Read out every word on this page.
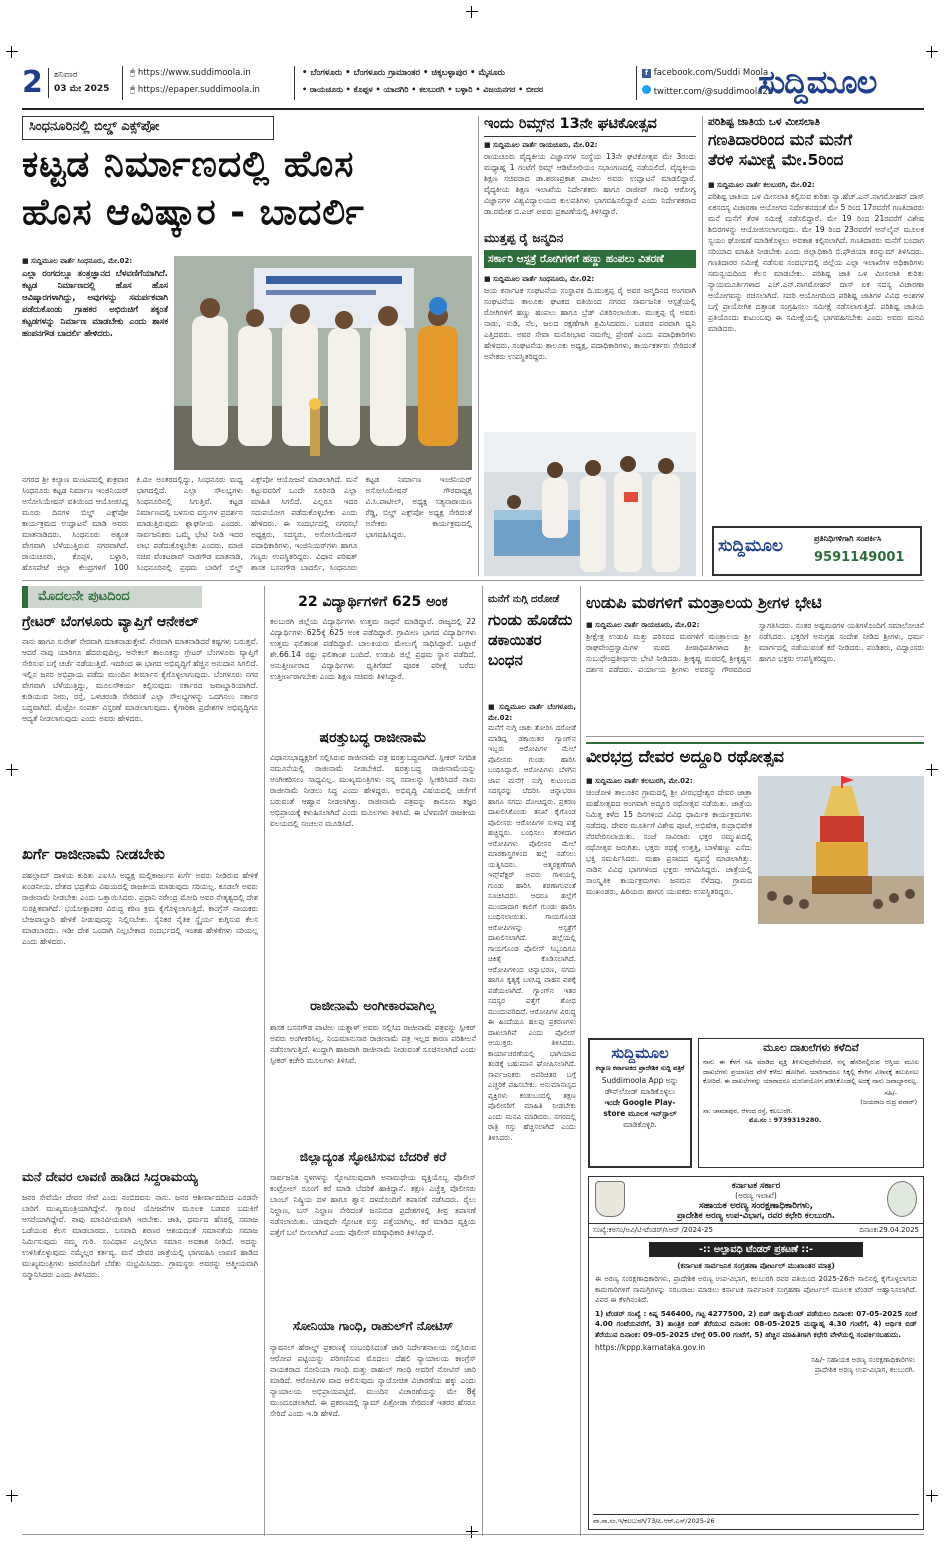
2 ಶನಿವಾರ
03 ಮೇ 2025
🖰 https://www.suddimoola.in
🖰 https://epaper.suddimoola.in
• ಬೆಂಗಳೂರು • ಬೆಂಗಳೂರು ಗ್ರಾಮಾಂತರ • ಚಿಕ್ಕಬಳ್ಳಾಪುರ • ಮೈಸೂರು
• ರಾಯಚೂರು • ಕೊಪ್ಪಳ • ಯಾದಗಿರಿ • ಕಲಬುರಗಿ • ಬಳ್ಳಾರಿ • ವಿಜಯನಗರ • ಬೀದರ
f facebook.com/Suddi Moola
twitter.com/@suddimoola22
ಸುದ್ದಿಮೂಲ
ಸಿಂಧನೂರಿನಲ್ಲಿ ಬಿಲ್ಡ್ ಎಕ್ಸ್‌ಪೋ
ಕಟ್ಟಡ ನಿರ್ಮಾಣದಲ್ಲಿ ಹೊಸ
ಹೊಸ ಆವಿಷ್ಕಾರ - ಬಾದರ್ಲಿ
■ ಸುದ್ದಿಮೂಲ ವಾರ್ತೆ ಸಿಂಧನೂರು, ಮೇ.02:
ಎಲ್ಲಾ ರಂಗದಲ್ಲೂ ತಂತ್ರಜ್ಞಾನದ ಬೆಳವಣಿಗೆಯಾಗಿದೆ. ಕಟ್ಟಡ ನಿರ್ಮಾಣದಲ್ಲಿ ಹೊಸ ಹೊಸ ಆವಿಷ್ಕಾರಗಳಾಗಿದ್ದು, ಅವುಗಳನ್ನು ಸಮರ್ಪಕವಾಗಿ ಪಡೆದುಕೊಂಡು ಗ್ರಾಹಕರ ಅಭಿರುಚಿಗೆ ತಕ್ಕಂತೆ ಕಟ್ಟಡಗಳನ್ನು ನಿರ್ಮಾಣ ಮಾಡಬೇಕು ಎಂದು ಶಾಸಕ ಹಂಪನಗೌಡ ಬಾದರ್ಲಿ ಹೇಳಿದರು.
ನಗರದ ಶ್ರೀ ಕಲ್ಯಾಣ ಮಂಟಪದಲ್ಲಿ ಶುಕ್ರವಾರ ಸಿಂಧನೂರು ಕಟ್ಟಡ ನಿರ್ಮಾಣ ಇಂಜಿನಿಯರ್ ಅಸೋಸಿಯೇಷನ್ ವತಿಯಿಂದ ಆಯೋಜಿಸಿದ್ದ ಮೂರು ದಿನಗಳ ಬಿಲ್ಡ್ ಎಕ್ಸ್‌ಪೋ ಕಾರ್ಯಕ್ರಮದ ಉದ್ಘಾಟನೆ ಮಾಡಿ ಅವರು ಮಾತನಾಡಿದರು. ಸಿಂಧನೂರು ಅತ್ಯಂತ ವೇಗವಾಗಿ ಬೆಳೆಯುತ್ತಿರುವ ನಗರವಾಗಿದೆ. ರಾಯಚೂರು, ಕೊಪ್ಪಳ, ಬಳ್ಳಾರಿ, ಹೊಸಪೇಟೆ ಜಿಲ್ಲಾ ಕೇಂದ್ರಗಳಿಗೆ 100 ಕಿ.ಮೀ ಅಂತರದಲ್ಲಿದ್ದು, ಸಿಂಧನೂರು ಮಧ್ಯ ಭಾಗದಲ್ಲಿದೆ. ಎಲ್ಲಾ ಸೌಲಭ್ಯಗಳು ಸಿಂಧನೂರಿನಲ್ಲಿ ಸಿಗುತ್ತಿವೆ. ಕಟ್ಟಡ ನಿರ್ಮಾಣದಲ್ಲಿ ಬಳಸುವ ವಸ್ತುಗಳ ಪ್ರದರ್ಶನ ಮಾಡುತ್ತಿರುವುದು ಶ್ಲಾಘನೀಯ ಎಂದರು. ಸಾರ್ವಜನಿಕರು ಒಮ್ಮೆ ಭೇಟಿ ನೀಡಿ ಇದರ ಲಾಭ ಪಡೆದುಕೊಳ್ಳಬೇಕು ಎಂದರು. ಮಾಜಿ ಸಚಿವ ವೆಂಕಟರಾವ್ ನಾಡಗೌಡ ಮಾತನಾಡಿ, ಸಿಂಧನೂರಿನಲ್ಲಿ ಪ್ರಥಮ ಬಾರಿಗೆ ಬಿಲ್ಡ್ ಎಕ್ಸ್‌ಪೋ ಆಯೋಜನೆ ಮಾಡಲಾಗಿದೆ. ಮನೆ ಕಟ್ಟುವವರಿಗೆ ಒಂದೇ ಸೂರಿನಡಿ ಎಲ್ಲಾ ಮಾಹಿತಿ ಸಿಗಲಿದೆ. ಎಲ್ಲರೂ ಇದರ ಸದುಪಯೋಗ ಪಡೆದುಕೊಳ್ಳಬೇಕು ಎಂದು ಹೇಳಿದರು. ಈ ಸಂದರ್ಭದಲ್ಲಿ ನಗರಸಭೆ ಅಧ್ಯಕ್ಷರು, ಸದಸ್ಯರು, ಅಸೋಸಿಯೇಷನ್ ಪದಾಧಿಕಾರಿಗಳು, ಇಂಜಿನಿಯರ್‌ಗಳು ಹಾಗೂ ಗಣ್ಯರು ಉಪಸ್ಥಿತರಿದ್ದರು. ವಿಧಾನ ಪರಿಷತ್ ಶಾಸಕ ಬಸನಗೌಡ ಬಾದರ್ಲಿ, ಸಿಂಧನೂರು ಕಟ್ಟಡ ನಿರ್ಮಾಣ ಇಂಜಿನಿಯರ್ ಅಸೋಸಿಯೇಷನ್ ಗೌರವಾಧ್ಯಕ್ಷ ವಿ.ಸಿ.ಪಾಟೀಲ್, ಅಧ್ಯಕ್ಷ ಸತ್ಯನಾರಾಯಣ ರೆಡ್ಡಿ, ಬಿಲ್ಡ್ ಎಕ್ಸ್‌ಪೋ ಅಧ್ಯಕ್ಷ ಸೇರಿದಂತೆ ಅನೇಕರು ಕಾರ್ಯಕ್ರಮದಲ್ಲಿ ಭಾಗವಹಿಸಿದ್ದರು.
ಇಂದು ರಿಮ್ಸ್‌ನ 13ನೇ ಘಟಿಕೋತ್ಸವ
■ ಸುದ್ದಿಮೂಲ ವಾರ್ತೆ ರಾಯಚೂರು, ಮೇ.02:
ರಾಯಚೂರು ವೈದ್ಯಕೀಯ ವಿಜ್ಞಾನಗಳ ಸಂಸ್ಥೆಯ 13ನೇ ಘಟಿಕೋತ್ಸವ ಮೇ 3ರಂದು ಮಧ್ಯಾಹ್ನ 1 ಗಂಟೆಗೆ ರಿಮ್ಸ್ ಆಡಿಟೋರಿಯಂ ಸಭಾಂಗಣದಲ್ಲಿ ನಡೆಯಲಿದೆ. ವೈದ್ಯಕೀಯ ಶಿಕ್ಷಣ ಸಚಿವರಾದ ಡಾ.ಶರಣಪ್ರಕಾಶ ಪಾಟೀಲ ಅವರು ಉದ್ಘಾಟನೆ ಮಾಡಲಿದ್ದಾರೆ. ವೈದ್ಯಕೀಯ ಶಿಕ್ಷಣ ಇಲಾಖೆಯ ನಿರ್ದೇಶಕರು ಹಾಗೂ ರಾಜೀವ್ ಗಾಂಧಿ ಆರೋಗ್ಯ ವಿಜ್ಞಾನಗಳ ವಿಶ್ವವಿದ್ಯಾಲಯದ ಕುಲಪತಿಗಳು ಭಾಗವಹಿಸಲಿದ್ದಾರೆ ಎಂದು ನಿರ್ದೇಶಕರಾದ ಡಾ.ರಮೇಶ ಬಿ.ಎಚ್ ಅವರು ಪ್ರಕಟಣೆಯಲ್ಲಿ ತಿಳಿಸಿದ್ದಾರೆ.
ಮುತ್ತಪ್ಪ ರೈ ಜನ್ಮದಿನ
ಸರ್ಕಾರಿ ಆಸ್ಪತ್ರೆ ರೋಗಿಗಳಿಗೆ ಹಣ್ಣು ಹಂಪಲು ವಿತರಣೆ
■ ಸುದ್ದಿಮೂಲ ವಾರ್ತೆ ಸಿಂಧನೂರು, ಮೇ.02:
ಜಯ ಕರ್ನಾಟಕ ಸಂಘಟನೆಯ ಸಂಸ್ಥಾಪಕ ದಿ.ಮುತ್ತಪ್ಪ ರೈ ಅವರ ಜನ್ಮದಿನದ ಅಂಗವಾಗಿ ಸಂಘಟನೆಯ ತಾಲೂಕು ಘಟಕದ ವತಿಯಿಂದ ನಗರದ ಸಾರ್ವಜನಿಕ ಆಸ್ಪತ್ರೆಯಲ್ಲಿ ರೋಗಿಗಳಿಗೆ ಹಣ್ಣು ಹಂಪಲು ಹಾಗೂ ಬ್ರೆಡ್ ವಿತರಿಸಲಾಯಿತು. ಮುತ್ತಪ್ಪ ರೈ ಅವರು ನಾಡು, ನುಡಿ, ನೆಲ, ಜಲದ ರಕ್ಷಣೆಗಾಗಿ ಶ್ರಮಿಸಿದವರು. ಬಡವರ ಪರವಾಗಿ ಧ್ವನಿ ಎತ್ತಿದವರು. ಅವರ ಸೇವಾ ಮನೋಭಾವ ನಮಗೆಲ್ಲ ಪ್ರೇರಣೆ ಎಂದು ಪದಾಧಿಕಾರಿಗಳು ಹೇಳಿದರು. ಸಂಘಟನೆಯ ತಾಲೂಕು ಅಧ್ಯಕ್ಷ, ಪದಾಧಿಕಾರಿಗಳು, ಕಾರ್ಯಕರ್ತರು ಸೇರಿದಂತೆ ಅನೇಕರು ಉಪಸ್ಥಿತರಿದ್ದರು.
ಪರಿಶಿಷ್ಟ ಜಾತಿಯ ಒಳ ಮೀಸಲಾತಿ
ಗಣತಿದಾರರಿಂದ ಮನೆ ಮನೆಗೆ
ತೆರಳಿ ಸಮೀಕ್ಷೆ ಮೇ.5ರಿಂದ
■ ಸುದ್ದಿಮೂಲ ವಾರ್ತೆ ಕಲಬುರಗಿ, ಮೇ.02:
ಪರಿಶಿಷ್ಟ ಜಾತಿಯ ಒಳ ಮೀಸಲಾತಿ ಕಲ್ಪಿಸುವ ಕುರಿತು ನ್ಯಾ.ಹೆಚ್.ಎನ್.ನಾಗಮೋಹನ್ ದಾಸ್ ಏಕಸದಸ್ಯ ವಿಚಾರಣಾ ಆಯೋಗದ ನಿರ್ದೇಶನದಂತೆ ಮೇ 5 ರಿಂದ 17ರವರೆಗೆ ಗಣತಿದಾರರು ಮನೆ ಮನೆಗೆ ತೆರಳಿ ಸಮೀಕ್ಷೆ ನಡೆಸಲಿದ್ದಾರೆ. ಮೇ 19 ರಿಂದ 21ರವರೆಗೆ ವಿಶೇಷ ಶಿಬಿರಗಳನ್ನು ಆಯೋಜಿಸಲಾಗುವುದು. ಮೇ 19 ರಿಂದ 23ರವರೆಗೆ ಆನ್‌ಲೈನ್ ಮೂಲಕ ಸ್ವಯಂ ಘೋಷಣೆ ಮಾಡಿಕೊಳ್ಳಲು ಅವಕಾಶ ಕಲ್ಪಿಸಲಾಗಿದೆ. ಗಣತಿದಾರರು ಮನೆಗೆ ಬಂದಾಗ ಸರಿಯಾದ ಮಾಹಿತಿ ನೀಡಬೇಕು ಎಂದು ಜಿಲ್ಲಾಧಿಕಾರಿ ಬಿ.ಫೌಜಿಯಾ ತರನ್ನುಮ್ ತಿಳಿಸಿದರು. ಗಣತಿದಾರರ ಸಮೀಕ್ಷೆ ನಡೆಸುವ ಸಂದರ್ಭದಲ್ಲಿ ಜಿಲ್ಲೆಯ ಎಲ್ಲಾ ಇಲಾಖೆಗಳ ಅಧಿಕಾರಿಗಳು ಸಮನ್ವಯದಿಂದ ಕೆಲಸ ಮಾಡಬೇಕು. ಪರಿಶಿಷ್ಟ ಜಾತಿ ಒಳ ಮೀಸಲಾತಿ ಕುರಿತು ನ್ಯಾಯಮೂರ್ತಿಗಳಾದ ಎಚ್.ಎನ್.ನಾಗಮೋಹನ್ ದಾಸ್ ಏಕ ಸದಸ್ಯ ವಿಚಾರಣಾ ಆಯೋಗವನ್ನು ರಚಿಸಲಾಗಿದೆ. ಸದರಿ ಆಯೋಗದಿಂದ ಪರಿಶಿಷ್ಟ ಜಾತಿಗಳ ವಿವಿಧ ಅಂಶಗಳ ಬಗ್ಗೆ ಪ್ರಾಯೋಗಿಕ ದತ್ತಾಂಶ ಸಂಗ್ರಹಿಸಲು ಸಮೀಕ್ಷೆ ನಡೆಸಲಾಗುತ್ತಿದೆ. ಪರಿಶಿಷ್ಟ ಜಾತಿಯ ಪ್ರತಿಯೊಂದು ಕುಟುಂಬವು ಈ ಸಮೀಕ್ಷೆಯಲ್ಲಿ ಭಾಗವಹಿಸಬೇಕು ಎಂದು ಅವರು ಮನವಿ ಮಾಡಿದರು.
ಸುದ್ದಿಮೂಲ	ಪ್ರತಿನಿಧಿಗಳಿಗಾಗಿ ಸಂಪರ್ಕಿಸಿ
9591149001
ಮೊದಲನೇ ಪುಟದಿಂದ
ಗ್ರೇಟರ್ ಬೆಂಗಳೂರು ವ್ಯಾಪ್ತಿಗೆ ಆನೇಕಲ್
ನಾನು ಹಾಗೂ ಸುರೇಶ್ ನೇರವಾಗಿ ಮಾತನಾಡುತ್ತೇವೆ. ನೇರವಾಗಿ ಮಾತನಾಡಿದರೆ ಕಷ್ಟಗಳು ಬರುತ್ತವೆ. ಆದರೆ ನಾವು ಯಾರಿಗೂ ಹೆದರುವುದಿಲ್ಲ. ಆನೇಕಲ್ ತಾಲೂಕನ್ನು ಗ್ರೇಟರ್ ಬೆಂಗಳೂರು ವ್ಯಾಪ್ತಿಗೆ ಸೇರಿಸುವ ಬಗ್ಗೆ ಚರ್ಚೆ ನಡೆಯುತ್ತಿದೆ. ಇದರಿಂದ ಈ ಭಾಗದ ಅಭಿವೃದ್ಧಿಗೆ ಹೆಚ್ಚಿನ ಅನುದಾನ ಸಿಗಲಿದೆ. ಇಲ್ಲಿನ ಜನರ ಅಭಿಪ್ರಾಯ ಪಡೆದು ಮುಂದಿನ ತೀರ್ಮಾನ ಕೈಗೊಳ್ಳಲಾಗುವುದು. ಬೆಂಗಳೂರು ನಗರ ವೇಗವಾಗಿ ಬೆಳೆಯುತ್ತಿದ್ದು, ಮೂಲಸೌಕರ್ಯ ಕಲ್ಪಿಸುವುದು ಸರ್ಕಾರದ ಜವಾಬ್ದಾರಿಯಾಗಿದೆ. ಕುಡಿಯುವ ನೀರು, ರಸ್ತೆ, ಒಳಚರಂಡಿ ಸೇರಿದಂತೆ ಎಲ್ಲಾ ಸೌಲಭ್ಯಗಳನ್ನು ಒದಗಿಸಲು ಸರ್ಕಾರ ಬದ್ಧವಾಗಿದೆ. ಮೆಟ್ರೋ ಸಂಪರ್ಕ ವಿಸ್ತರಣೆ ಮಾಡಲಾಗುವುದು. ಕೈಗಾರಿಕಾ ಪ್ರದೇಶಗಳ ಅಭಿವೃದ್ಧಿಗೂ ಆದ್ಯತೆ ನೀಡಲಾಗುವುದು ಎಂದು ಅವರು ಹೇಳಿದರು.
ಖರ್ಗೆ ರಾಜೀನಾಮೆ ನೀಡಬೇಕು
ಪಹಲ್ಗಾಮ್ ದಾಳಿಯ ಕುರಿತು ಎಐಸಿಸಿ ಅಧ್ಯಕ್ಷ ಮಲ್ಲಿಕಾರ್ಜುನ ಖರ್ಗೆ ಅವರು ನೀಡಿರುವ ಹೇಳಿಕೆ ಖಂಡನೀಯ. ದೇಶದ ಭದ್ರತೆಯ ವಿಷಯದಲ್ಲಿ ರಾಜಕೀಯ ಮಾಡುವುದು ಸರಿಯಲ್ಲ. ಕೂಡಲೇ ಅವರು ರಾಜೀನಾಮೆ ನೀಡಬೇಕು ಎಂದು ಒತ್ತಾಯಿಸಿದರು. ಪ್ರಧಾನಿ ನರೇಂದ್ರ ಮೋದಿ ಅವರ ನೇತೃತ್ವದಲ್ಲಿ ದೇಶ ಸುರಕ್ಷಿತವಾಗಿದೆ. ಭಯೋತ್ಪಾದಕರ ವಿರುದ್ಧ ಕಠಿಣ ಕ್ರಮ ಕೈಗೊಳ್ಳಲಾಗುತ್ತಿದೆ. ಕಾಂಗ್ರೆಸ್ ನಾಯಕರು ಬೇಜವಾಬ್ದಾರಿ ಹೇಳಿಕೆ ನೀಡುವುದನ್ನು ನಿಲ್ಲಿಸಬೇಕು. ಸೈನಿಕರ ನೈತಿಕ ಸ್ಥೈರ್ಯ ಕುಗ್ಗಿಸುವ ಕೆಲಸ ಮಾಡಬಾರದು. ಇಡೀ ದೇಶ ಒಂದಾಗಿ ನಿಲ್ಲಬೇಕಾದ ಸಂದರ್ಭದಲ್ಲಿ ಇಂತಹ ಹೇಳಿಕೆಗಳು ಸರಿಯಲ್ಲ ಎಂದು ಹೇಳಿದರು.
ಮನೆ ದೇವರ ಲಾವಣಿ ಹಾಡಿದ ಸಿದ್ದರಾಮಯ್ಯ
ಜನರ ಸೇವೆಯೇ ದೇವರ ಸೇವೆ ಎಂದು ನಂಬಿದವನು ನಾನು. ಜನರ ಆಶೀರ್ವಾದದಿಂದ ಎರಡನೇ ಬಾರಿಗೆ ಮುಖ್ಯಮಂತ್ರಿಯಾಗಿದ್ದೇನೆ. ಗ್ಯಾರಂಟಿ ಯೋಜನೆಗಳ ಮೂಲಕ ಬಡವರ ಬದುಕಿಗೆ ಆಸರೆಯಾಗಿದ್ದೇವೆ. ನಾವು ಮಾನವೀಯವಾಗಿ ಇರಬೇಕು. ಜಾತಿ, ಧರ್ಮದ ಹೆಸರಲ್ಲಿ ಸಮಾಜ ಒಡೆಯುವ ಕೆಲಸ ಮಾಡಬಾರದು. ಬಸವಾದಿ ಶರಣರ ಆಶಯದಂತೆ ಸಮಾನತೆಯ ಸಮಾಜ ನಿರ್ಮಿಸುವುದು ನಮ್ಮ ಗುರಿ. ಸಂವಿಧಾನ ಎಲ್ಲರಿಗೂ ಸಮಾನ ಅವಕಾಶ ನೀಡಿದೆ. ಅದನ್ನು ಉಳಿಸಿಕೊಳ್ಳುವುದು ನಮ್ಮೆಲ್ಲರ ಕರ್ತವ್ಯ. ಮನೆ ದೇವರ ಜಾತ್ರೆಯಲ್ಲಿ ಭಾಗವಹಿಸಿ ಲಾವಣಿ ಹಾಡಿದ ಮುಖ್ಯಮಂತ್ರಿಗಳು ಜನರೊಂದಿಗೆ ಬೆರೆತು ಸಂಭ್ರಮಿಸಿದರು. ಗ್ರಾಮಸ್ಥರು ಅವರನ್ನು ಆತ್ಮೀಯವಾಗಿ ಸನ್ಮಾನಿಸಿದರು ಎಂದು ತಿಳಿಸಿದರು.
22 ವಿದ್ಯಾರ್ಥಿಗಳಿಗೆ 625 ಅಂಕ
ಕಲಬುರಗಿ ಜಿಲ್ಲೆಯ ವಿದ್ಯಾರ್ಥಿಗಳು ಉತ್ತಮ ಸಾಧನೆ ಮಾಡಿದ್ದಾರೆ. ರಾಜ್ಯದಲ್ಲಿ 22 ವಿದ್ಯಾರ್ಥಿಗಳು 625ಕ್ಕೆ 625 ಅಂಕ ಪಡೆದಿದ್ದಾರೆ. ಗ್ರಾಮೀಣ ಭಾಗದ ವಿದ್ಯಾರ್ಥಿಗಳು ಉತ್ತಮ ಫಲಿತಾಂಶ ಪಡೆದಿದ್ದಾರೆ. ಬಾಲಕಿಯರು ಮೇಲುಗೈ ಸಾಧಿಸಿದ್ದಾರೆ. ಒಟ್ಟಾರೆ ಶೇ.66.14 ರಷ್ಟು ಫಲಿತಾಂಶ ಬಂದಿದೆ. ಉಡುಪಿ ಜಿಲ್ಲೆ ಪ್ರಥಮ ಸ್ಥಾನ ಪಡೆದಿದೆ. ಅನುತ್ತೀರ್ಣರಾದ ವಿದ್ಯಾರ್ಥಿಗಳು ಧೃತಿಗೆಡದೆ ಪೂರಕ ಪರೀಕ್ಷೆ ಬರೆದು ಉತ್ತೀರ್ಣರಾಗಬೇಕು ಎಂದು ಶಿಕ್ಷಣ ಸಚಿವರು ತಿಳಿಸಿದ್ದಾರೆ.
ಷರತ್ತುಬದ್ಧ ರಾಜೀನಾಮೆ
ವಿಧಾನಸಭಾಧ್ಯಕ್ಷರಿಗೆ ಸಲ್ಲಿಸಿರುವ ರಾಜೀನಾಮೆ ಪತ್ರ ಷರತ್ತುಬದ್ಧವಾಗಿದೆ. ಸ್ಪೀಕರ್ ನಿಗದಿತ ನಮೂನೆಯಲ್ಲಿ ರಾಜೀನಾಮೆ ನೀಡಬೇಕಿದೆ. ಷರತ್ತುಬದ್ಧ ರಾಜೀನಾಮೆಯನ್ನು ಅಂಗೀಕರಿಸಲು ಸಾಧ್ಯವಿಲ್ಲ. ಮುಖ್ಯಮಂತ್ರಿಗಳು ನನ್ನ ಸವಾಲನ್ನು ಸ್ವೀಕರಿಸಿದರೆ ನಾನು ರಾಜೀನಾಮೆ ನೀಡಲು ಸಿದ್ಧ ಎಂದು ಹೇಳಿದ್ದರು. ಅಭಿವೃದ್ಧಿ ವಿಷಯದಲ್ಲಿ ಚರ್ಚೆಗೆ ಬರುವಂತೆ ಆಹ್ವಾನ ನೀಡಲಾಗಿತ್ತು. ರಾಜೀನಾಮೆ ಪತ್ರವನ್ನು ಕಾನೂನು ತಜ್ಞರ ಅಭಿಪ್ರಾಯಕ್ಕೆ ಕಳುಹಿಸಲಾಗಿದೆ ಎಂದು ಮೂಲಗಳು ತಿಳಿಸಿವೆ. ಈ ಬೆಳವಣಿಗೆ ರಾಜಕೀಯ ವಲಯದಲ್ಲಿ ಸಂಚಲನ ಮೂಡಿಸಿದೆ.
ರಾಜೀನಾಮೆ ಅಂಗೀಕಾರವಾಗಿಲ್ಲ
ಶಾಸಕ ಬಸನಗೌಡ ಪಾಟೀಲ ಯತ್ನಾಳ್ ಅವರು ಸಲ್ಲಿಸಿದ ರಾಜೀನಾಮೆ ಪತ್ರವನ್ನು ಸ್ಪೀಕರ್ ಅವರು ಅಂಗೀಕರಿಸಿಲ್ಲ. ನಿಯಮಾನುಸಾರ ರಾಜೀನಾಮೆ ಪತ್ರ ಇಲ್ಲದ ಕಾರಣ ಪರಿಶೀಲನೆ ನಡೆಸಲಾಗುತ್ತಿದೆ. ಖುದ್ದಾಗಿ ಹಾಜರಾಗಿ ರಾಜೀನಾಮೆ ನೀಡುವಂತೆ ಸೂಚಿಸಲಾಗಿದೆ ಎಂದು ಸ್ಪೀಕರ್ ಕಚೇರಿ ಮೂಲಗಳು ತಿಳಿಸಿವೆ.
ಜಿಲ್ಲಾದ್ಯಂತ ಸ್ಫೋಟಿಸುವ ಬೆದರಿಕೆ ಕರೆ
ಸಾರ್ವಜನಿಕ ಸ್ಥಳಗಳನ್ನು ಸ್ಫೋಟಿಸುವುದಾಗಿ ಅನಾಮಧೇಯ ವ್ಯಕ್ತಿಯೊಬ್ಬ ಪೊಲೀಸ್ ಕಂಟ್ರೋಲ್ ರೂಂಗೆ ಕರೆ ಮಾಡಿ ಬೆದರಿಕೆ ಹಾಕಿದ್ದಾನೆ. ತಕ್ಷಣ ಎಚ್ಚೆತ್ತ ಪೊಲೀಸರು ಬಾಂಬ್ ನಿಷ್ಕ್ರಿಯ ದಳ ಹಾಗೂ ಶ್ವಾನ ದಳದೊಂದಿಗೆ ತಪಾಸಣೆ ನಡೆಸಿದರು. ರೈಲು ನಿಲ್ದಾಣ, ಬಸ್ ನಿಲ್ದಾಣ ಸೇರಿದಂತೆ ಜನನಿಬಿಡ ಪ್ರದೇಶಗಳಲ್ಲಿ ತೀವ್ರ ತಪಾಸಣೆ ನಡೆಸಲಾಯಿತು. ಯಾವುದೇ ಸ್ಫೋಟಕ ವಸ್ತು ಪತ್ತೆಯಾಗಿಲ್ಲ. ಕರೆ ಮಾಡಿದ ವ್ಯಕ್ತಿಯ ಪತ್ತೆಗೆ ಬಲೆ ಬೀಸಲಾಗಿದೆ ಎಂದು ಪೊಲೀಸ್ ವರಿಷ್ಠಾಧಿಕಾರಿ ತಿಳಿಸಿದ್ದಾರೆ.
ಸೋನಿಯಾ ಗಾಂಧಿ, ರಾಹುಲ್‌ಗೆ ನೋಟಿಸ್
ನ್ಯಾಷನಲ್ ಹೆರಾಲ್ಡ್ ಪ್ರಕರಣಕ್ಕೆ ಸಂಬಂಧಿಸಿದಂತೆ ಜಾರಿ ನಿರ್ದೇಶನಾಲಯ ಸಲ್ಲಿಸಿರುವ ಆರೋಪ ಪಟ್ಟಿಯನ್ನು ಪರಿಗಣಿಸುವ ಮೊದಲು ದೆಹಲಿ ನ್ಯಾಯಾಲಯ ಕಾಂಗ್ರೆಸ್ ನಾಯಕರಾದ ಸೋನಿಯಾ ಗಾಂಧಿ ಮತ್ತು ರಾಹುಲ್ ಗಾಂಧಿ ಅವರಿಗೆ ನೋಟಿಸ್ ಜಾರಿ ಮಾಡಿದೆ. ಆರೋಪಿಗಳ ವಾದ ಆಲಿಸುವುದು ನ್ಯಾಯೋಚಿತ ವಿಚಾರಣೆಯ ಹಕ್ಕು ಎಂದು ನ್ಯಾಯಾಲಯ ಅಭಿಪ್ರಾಯಪಟ್ಟಿದೆ. ಮುಂದಿನ ವಿಚಾರಣೆಯನ್ನು ಮೇ 8ಕ್ಕೆ ಮುಂದೂಡಲಾಗಿದೆ. ಈ ಪ್ರಕರಣದಲ್ಲಿ ಸ್ಯಾಮ್ ಪಿತ್ರೋಡಾ ಸೇರಿದಂತೆ ಇತರರ ಹೆಸರೂ ಸೇರಿದೆ ಎಂದು ಇ.ಡಿ ಹೇಳಿದೆ.
ಮನೆಗೆ ನುಗ್ಗಿ ದರೋಡೆ
ಗುಂಡು ಹೊಡೆದು ಡಕಾಯಿತರ ಬಂಧನ
■ ಸುದ್ದಿಮೂಲ ವಾರ್ತೆ ಬೆಂಗಳೂರು, ಮೇ.02:
ಮನೆಗೆ ನುಗ್ಗಿ ಚಾಕು ತೋರಿಸಿ ದರೋಡೆ ಮಾಡಿದ್ದ ಡಕಾಯಿತರ ಗ್ಯಾಂಗ್‌ನ ಇಬ್ಬರು ಆರೋಪಿಗಳ ಮೇಲೆ ಪೊಲೀಸರು ಗುಂಡು ಹಾರಿಸಿ ಬಂಧಿಸಿದ್ದಾರೆ. ಆರೋಪಿಗಳು ಬೆಳಗಿನ ಜಾವ ಮನೆಗೆ ನುಗ್ಗಿ ಕುಟುಂಬದ ಸದಸ್ಯರನ್ನು ಬೆದರಿಸಿ ಚಿನ್ನಾಭರಣ ಹಾಗೂ ನಗದು ದೋಚಿದ್ದರು. ಪ್ರಕರಣ ದಾಖಲಿಸಿಕೊಂಡು ತನಿಖೆ ಕೈಗೊಂಡ ಪೊಲೀಸರು ಆರೋಪಿಗಳ ಸುಳಿವು ಪತ್ತೆ ಹಚ್ಚಿದ್ದರು. ಬಂಧಿಸಲು ತೆರಳಿದಾಗ ಆರೋಪಿಗಳು ಪೊಲೀಸರ ಮೇಲೆ ಮಾರಕಾಸ್ತ್ರಗಳಿಂದ ಹಲ್ಲೆ ನಡೆಸಲು ಯತ್ನಿಸಿದರು. ಆತ್ಮರಕ್ಷಣೆಗಾಗಿ ಇನ್ಸ್‌ಪೆಕ್ಟರ್ ಅವರು ಗಾಳಿಯಲ್ಲಿ ಗುಂಡು ಹಾರಿಸಿ ಶರಣಾಗುವಂತೆ ಸೂಚಿಸಿದರು. ಆದರೂ ಹಲ್ಲೆಗೆ ಮುಂದಾದಾಗ ಕಾಲಿಗೆ ಗುಂಡು ಹಾರಿಸಿ ಬಂಧಿಸಲಾಯಿತು. ಗಾಯಗೊಂಡ ಆರೋಪಿಗಳನ್ನು ಆಸ್ಪತ್ರೆಗೆ ದಾಖಲಿಸಲಾಗಿದೆ. ಹಲ್ಲೆಯಲ್ಲಿ ಗಾಯಗೊಂಡ ಪೊಲೀಸ್ ಸಿಬ್ಬಂದಿಗೂ ಚಿಕಿತ್ಸೆ ಕೊಡಿಸಲಾಗಿದೆ. ಆರೋಪಿಗಳಿಂದ ಚಿನ್ನಾಭರಣ, ನಗದು ಹಾಗೂ ಕೃತ್ಯಕ್ಕೆ ಬಳಸಿದ್ದ ವಾಹನ ವಶಕ್ಕೆ ಪಡೆಯಲಾಗಿದೆ. ಗ್ಯಾಂಗ್‌ನ ಇತರ ಸದಸ್ಯರ ಪತ್ತೆಗೆ ಶೋಧ ಮುಂದುವರಿದಿದೆ. ಆರೋಪಿಗಳ ವಿರುದ್ಧ ಈ ಹಿಂದೆಯೂ ಹಲವು ಪ್ರಕರಣಗಳು ದಾಖಲಾಗಿವೆ ಎಂದು ಪೊಲೀಸ್ ಆಯುಕ್ತರು ತಿಳಿಸಿದರು. ಕಾರ್ಯಾಚರಣೆಯಲ್ಲಿ ಭಾಗಿಯಾದ ತಂಡಕ್ಕೆ ಬಹುಮಾನ ಘೋಷಿಸಲಾಗಿದೆ. ಸಾರ್ವಜನಿಕರು ಅಪರಿಚಿತರ ಬಗ್ಗೆ ಎಚ್ಚರಿಕೆ ವಹಿಸಬೇಕು. ಅನುಮಾನಾಸ್ಪದ ವ್ಯಕ್ತಿಗಳು ಕಂಡುಬಂದಲ್ಲಿ ತಕ್ಷಣ ಪೊಲೀಸರಿಗೆ ಮಾಹಿತಿ ನೀಡಬೇಕು ಎಂದು ಮನವಿ ಮಾಡಿದರು. ನಗರದಲ್ಲಿ ರಾತ್ರಿ ಗಸ್ತು ಹೆಚ್ಚಿಸಲಾಗಿದೆ ಎಂದು ತಿಳಿಸಿದರು.
ಉಡುಪಿ ಮಠಗಳಿಗೆ ಮಂತ್ರಾಲಯ ಶ್ರೀಗಳ ಭೇಟಿ
■ ಸುದ್ದಿಮೂಲ ವಾರ್ತೆ ರಾಯಚೂರು, ಮೇ.02:
ಶ್ರೀಕ್ಷೇತ್ರ ಉಡುಪಿ ಮತ್ತು ಪರಿಸರದ ಮಠಗಳಿಗೆ ಮಂತ್ರಾಲಯ ಶ್ರೀ ರಾಘವೇಂದ್ರಸ್ವಾಮಿಗಳ ಮಠದ ಪೀಠಾಧಿಪತಿಗಳಾದ ಶ್ರೀ ಸುಬುಧೇಂದ್ರತೀರ್ಥರು ಭೇಟಿ ನೀಡಿದರು. ಶ್ರೀಕೃಷ್ಣ ಮಠದಲ್ಲಿ ಶ್ರೀಕೃಷ್ಣನ ದರ್ಶನ ಪಡೆದರು. ಪರ್ಯಾಯ ಶ್ರೀಗಳು ಅವರನ್ನು ಗೌರವದಿಂದ ಸ್ವಾಗತಿಸಿದರು. ನಂತರ ಅಷ್ಟಮಠಗಳ ಯತಿಗಳೊಂದಿಗೆ ಸಮಾಲೋಚನೆ ನಡೆಸಿದರು. ಭಕ್ತರಿಗೆ ಅನುಗ್ರಹ ಸಂದೇಶ ನೀಡಿದ ಶ್ರೀಗಳು, ಧರ್ಮ ಮಾರ್ಗದಲ್ಲಿ ನಡೆಯುವಂತೆ ಕರೆ ನೀಡಿದರು. ಪಂಡಿತರು, ವಿದ್ವಾಂಸರು ಹಾಗೂ ಭಕ್ತರು ಉಪಸ್ಥಿತರಿದ್ದರು.
ವೀರಭದ್ರ ದೇವರ ಅದ್ದೂರಿ ರಥೋತ್ಸವ
■ ಸುದ್ದಿಮೂಲ ವಾರ್ತೆ ಕಲಬುರಗಿ, ಮೇ.02:
ಚಿಂಚೋಳಿ ತಾಲೂಕಿನ ಗ್ರಾಮದಲ್ಲಿ ಶ್ರೀ ವೀರಭದ್ರೇಶ್ವರ ದೇವರ ಜಾತ್ರಾ ಮಹೋತ್ಸವದ ಅಂಗವಾಗಿ ಅದ್ದೂರಿ ರಥೋತ್ಸವ ನಡೆಯಿತು. ಜಾತ್ರೆಯ ನಿಮಿತ್ತ ಕಳೆದ 15 ದಿನಗಳಿಂದ ವಿವಿಧ ಧಾರ್ಮಿಕ ಕಾರ್ಯಕ್ರಮಗಳು ನಡೆದವು. ದೇವರ ಮೂರ್ತಿಗೆ ವಿಶೇಷ ಪೂಜೆ, ಅಭಿಷೇಕ, ರುದ್ರಾಭಿಷೇಕ ನೆರವೇರಿಸಲಾಯಿತು. ಸಂಜೆ ಸಾವಿರಾರು ಭಕ್ತರ ಸಮ್ಮುಖದಲ್ಲಿ ರಥೋತ್ಸವ ಜರುಗಿತು. ಭಕ್ತರು ರಥಕ್ಕೆ ಉತ್ತತ್ತಿ, ಬಾಳೆಹಣ್ಣು ಎಸೆದು ಭಕ್ತಿ ಸಮರ್ಪಿಸಿದರು. ಮಹಾ ಪ್ರಸಾದದ ವ್ಯವಸ್ಥೆ ಮಾಡಲಾಗಿತ್ತು. ನಾಡಿನ ವಿವಿಧ ಭಾಗಗಳಿಂದ ಭಕ್ತರು ಆಗಮಿಸಿದ್ದರು. ಜಾತ್ರೆಯಲ್ಲಿ ಸಾಂಸ್ಕೃತಿಕ ಕಾರ್ಯಕ್ರಮಗಳು ಜನಮನ ಸೆಳೆದವು. ಗ್ರಾಮದ ಮುಖಂಡರು, ಹಿರಿಯರು ಹಾಗೂ ಯುವಕರು ಉಪಸ್ಥಿತರಿದ್ದರು.
ಸುದ್ದಿಮೂಲ
ಕಲ್ಯಾಣ ಕರ್ನಾಟಕದ ಪ್ರಾದೇಶಿಕ ಸುದ್ದಿ ಪತ್ರಿಕೆ
Suddimoola App ಅನ್ನು
ಡೌನ್‌ಲೋಡ್ ಮಾಡಿಕೊಳ್ಳಲು
ಇಂದೇ Google Play-
store ಮೂಲಕ ಇನ್‌ಸ್ಟಾಲ್
ಮಾಡಿಕೊಳ್ಳಿರಿ.
ಮೂಲ ದಾಖಲೆಗಳು ಕಳೆದಿವೆ
ನಾನು ಈ ಕೆಳಗೆ ಸಹಿ ಮಾಡಿದ ವ್ಯಕ್ತಿ ತಿಳಿಸುವುದೇನೆಂದರೆ, ನನ್ನ ಹೆಸರಿನಲ್ಲಿರುವ ಆಸ್ತಿಯ ಮೂಲ ದಾಖಲೆಗಳು ಪ್ರಯಾಣದ ವೇಳೆ ಕಳೆದು ಹೋಗಿವೆ. ಯಾರಿಗಾದರೂ ಸಿಕ್ಕಲ್ಲಿ ಕೆಳಗಿನ ವಿಳಾಸಕ್ಕೆ ತಲುಪಿಸಲು ಕೋರಿದೆ. ಈ ದಾಖಲೆಗಳನ್ನು ಯಾರಾದರೂ ದುರುಪಯೋಗ ಪಡಿಸಿಕೊಂಡಲ್ಲಿ ಅದಕ್ಕೆ ನಾನು ಜವಾಬ್ದಾರನಲ್ಲ.
ಸಹಿ/-
(ಜಯರಾಜ ರುದ್ರ ಪವಾರ್)
ಸಾ: ಚಾಮಾಪುರ, ಆಳಂದ ರಸ್ತೆ, ಕಲಬುರಗಿ.
ಮೊ.ನಂ : 9739319280.
ಕರ್ನಾಟಕ ಸರ್ಕಾರ
(ಅರಣ್ಯ ಇಲಾಖೆ)
ಸಹಾಯಕ ಅರಣ್ಯ ಸಂರಕ್ಷಣಾಧಿಕಾರಿಗಳು,
ಪ್ರಾದೇಶಿಕ ಅರಣ್ಯ ಉಪ-ವಿಭಾಗ, ರವರ ಕಛೇರಿ ಕಲಬುರಗಿ.
ಸಂಖ್ಯೆ:ಕಅಸಂ/ಅವಿ/ಟಿ-ಟೆಂಡರ್/ಸಿಆರ್ /2024-25	ದಿನಾಂಕ:29.04.2025
-:: ಅಲ್ಪಾವಧಿ ಟೆಂಡರ್ ಪ್ರಕಟಣೆ ::-
(ಕರ್ನಾಟಕ ಸಾರ್ವಜನಿಕ ಸಂಗ್ರಹಣಾ ಪೋರ್ಟಲ್ ಮುಖಾಂತರ ಮಾತ್ರ)
ಈ ಅರಣ್ಯ ಸಂರಕ್ಷಣಾಧಿಕಾರಿಗಳು, ಪ್ರಾದೇಶಿಕ ಅರಣ್ಯ ಉಪ-ವಿಭಾಗ, ಕಲಬುರಗಿ ರವರ ವತಿಯಿಂದ 2025-26ನೇ ಸಾಲಿನಲ್ಲಿ ಕೈಗೊಳ್ಳಲಾಗುವ ಕಾಮಗಾರಿಗಳಿಗೆ ಸಾಮಗ್ರಿಗಳನ್ನು ಸರಬರಾಜು ಮಾಡಲು ಕರ್ನಾಟಕ ಸಾರ್ವಜನಿಕ ಸಂಗ್ರಹಣಾ ಪೋರ್ಟಲ್ ಮೂಲಕ ಟೆಂಡರ್ ಆಹ್ವಾನಿಸಲಾಗಿದೆ. ವಿವರ ಈ ಕೆಳಗಿನಂತಿದೆ.
1) ಟೆಂಡರ್ ಸಂಖ್ಯೆ : ಕಿಷ್ನ 546400, ಗಟ್ಟ 4277500, 2) ಬಿಡ್ ಡಾಕ್ಯುಮೆಂಟ್ ಪಡೆಯಲು ದಿನಾಂಕ: 07-05-2025 ಸಂಜೆ 4.00 ಗಂಟೆಯವರೆಗೆ, 3) ತಾಂತ್ರಿಕ ಬಿಡ್ ತೆರೆಯುವ ದಿನಾಂಕ: 08-05-2025 ಮಧ್ಯಾಹ್ನ 4.30 ಗಂಟೆಗೆ, 4) ಆರ್ಥಿಕ ಬಿಡ್ ತೆರೆಯುವ ದಿನಾಂಕ: 09-05-2025 ಬೆಳಿಗ್ಗೆ 05.00 ಗಂಟೆಗೆ, 5) ಹೆಚ್ಚಿನ ಮಾಹಿತಿಗಾಗಿ ಕಛೇರಿ ವೇಳೆಯಲ್ಲಿ ಸಂಪರ್ಕಿಸಬಹುದು.
https://kppp.karnataka.gov.in
ಸಹಿ/- ಸಹಾಯಕ ಅರಣ್ಯ ಸಂರಕ್ಷಣಾಧಿಕಾರಿಗಳು
ಪ್ರಾದೇಶಿಕ ಅರಣ್ಯ ಉಪ-ವಿಭಾಗ, ಕಲಬುರಗಿ.
ವಾ.ಸಾ.ಸಂ.ಇ/ಕಲಬುರಗಿ/73/ಪಿ.ಆರ್.ಎಸ್/2025-26
